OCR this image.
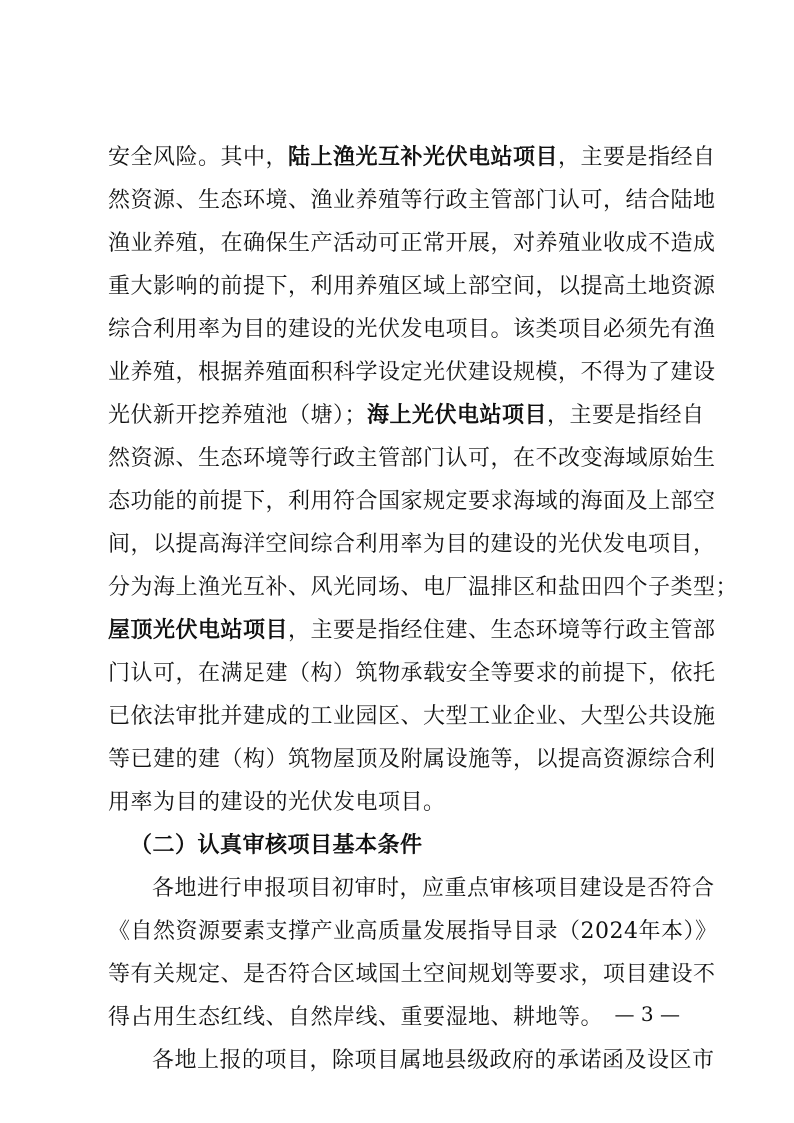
安全风险。其中，陆上渔光互补光伏电站项目，主要是指经自
然资源、生态环境、渔业养殖等行政主管部门认可，结合陆地
渔业养殖，在确保生产活动可正常开展，对养殖业收成不造成
重大影响的前提下，利用养殖区域上部空间，以提高土地资源
综合利用率为目的建设的光伏发电项目。该类项目必须先有渔
业养殖，根据养殖面积科学设定光伏建设规模，不得为了建设
光伏新开挖养殖池（塘）；海上光伏电站项目，主要是指经自
然资源、生态环境等行政主管部门认可，在不改变海域原始生
态功能的前提下，利用符合国家规定要求海域的海面及上部空
间，以提高海洋空间综合利用率为目的建设的光伏发电项目，
分为海上渔光互补、风光同场、电厂温排区和盐田四个子类型；
屋顶光伏电站项目，主要是指经住建、生态环境等行政主管部
门认可，在满足建（构）筑物承载安全等要求的前提下，依托
已依法审批并建成的工业园区、大型工业企业、大型公共设施
等已建的建（构）筑物屋顶及附属设施等，以提高资源综合利
用率为目的建设的光伏发电项目。
（二）认真审核项目基本条件
各地进行申报项目初审时，应重点审核项目建设是否符合
《自然资源要素支撑产业高质量发展指导目录（2024年本）》
等有关规定、是否符合区域国土空间规划等要求，项目建设不
得占用生态红线、自然岸线、重要湿地、耕地等。
各地上报的项目，除项目属地县级政府的承诺函及设区市
— 3 —
